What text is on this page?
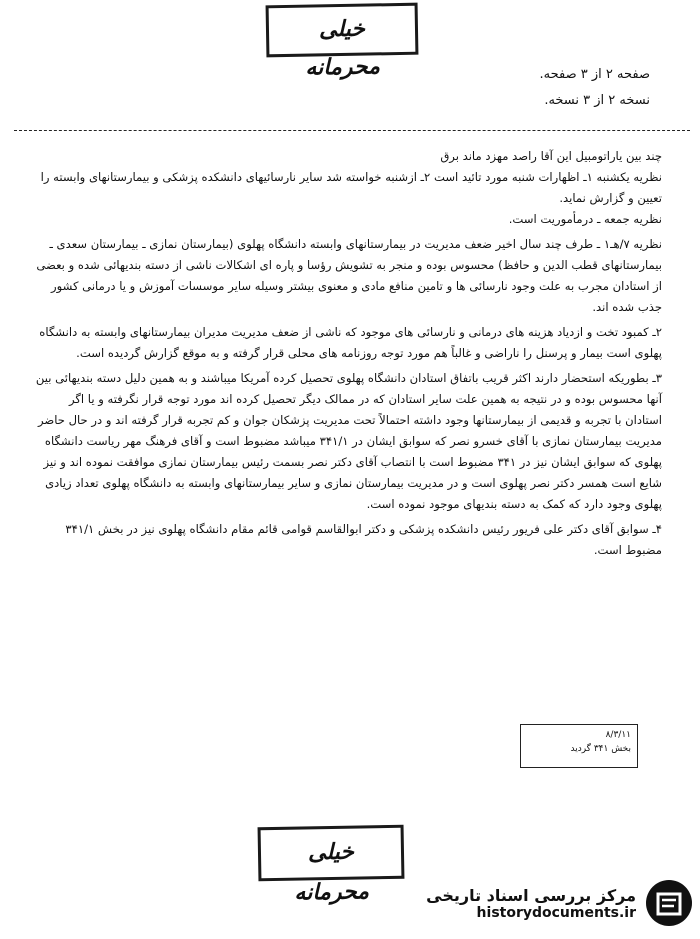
خیلی محرمانه	صفحه ۲ از ۳ صفحه.
نسخه ۲ از ۳ نسخه.

چند بین یاراتومبیل این آقا راصد مهزد ماند برق

نظریه یکشنبه ۱ـ اظهارات شنبه مورد تائید است ۲ـ ازشنبه خواسته شد سایر نارسائیهای دانشکده پزشکی و بیمارستانهای وابسته را تعیین و گزارش نماید.

نظریه جمعه ـ درمأموریت است.

نظریه ۷/هـ۱ ـ طرف چند سال اخیر ضعف مدیریت در بیمارستانهای وابسته دانشگاه پهلوی (بیمارستان نمازی ـ بیمارستان سعدی ـ بیمارستانهای قطب الدین و حافظ) محسوس بوده و منجر به تشویش رؤسا و پاره ای اشکالات ناشی از دسته بندیهائی شده و بعضی از استادان مجرب به علت وجود نارسائی ها و تامین منافع مادی و معنوی بیشتر وسیله سایر موسسات آموزش و یا درمانی کشور جذب شده اند.

۲ـ کمبود تخت و ازدیاد هزینه های درمانی و نارسائی های موجود که ناشی از ضعف مدیریت مدیران بیمارستانهای وابسته به دانشگاه پهلوی است بیمار و پرسنل را ناراضی و غالباً هم مورد توجه روزنامه های محلی قرار گرفته و به موقع گزارش گردیده است.

۳ـ بطوریکه استحضار دارند اکثر قریب باتفاق استادان دانشگاه پهلوی تحصیل کرده آمریکا میباشند و به همین دلیل دسته بندیهائی بین آنها محسوس بوده و در نتیجه به همین علت سایر استادان که در ممالک دیگر تحصیل کرده اند مورد توجه قرار نگرفته و یا اگر استادان با تجربه و قدیمی از بیمارستانها وجود داشته احتمالاً تحت مدیریت پزشکان جوان و کم تجربه قرار گرفته اند و در حال حاضر مدیریت بیمارستان نمازی با آقای خسرو نصر که سوابق ایشان در ۳۴۱/۱ میباشد مضبوط است و آقای فرهنگ مهر ریاست دانشگاه پهلوی که سوابق ایشان نیز در ۳۴۱ مضبوط است با انتصاب آقای دکتر نصر بسمت رئیس بیمارستان نمازی موافقت نموده اند و نیز شایع است همسر دکتر نصر پهلوی است و در مدیریت بیمارستان نمازی و سایر بیمارستانهای وابسته به دانشگاه پهلوی تعداد زیادی پهلوی وجود دارد که کمک به دسته بندیهای موجود نموده است.

۴ـ سوابق آقای دکتر علی فریور رئیس دانشکده پزشکی و دکتر ابوالقاسم قوامی قائم مقام دانشگاه پهلوی نیز در بخش ۳۴۱/۱ مضبوط است.

۸/۳/۱۱
بخش ۳۴۱ گردید
خیلی محرمانه	مرکز بررسی اسناد تاریخی
historydocuments.ir
